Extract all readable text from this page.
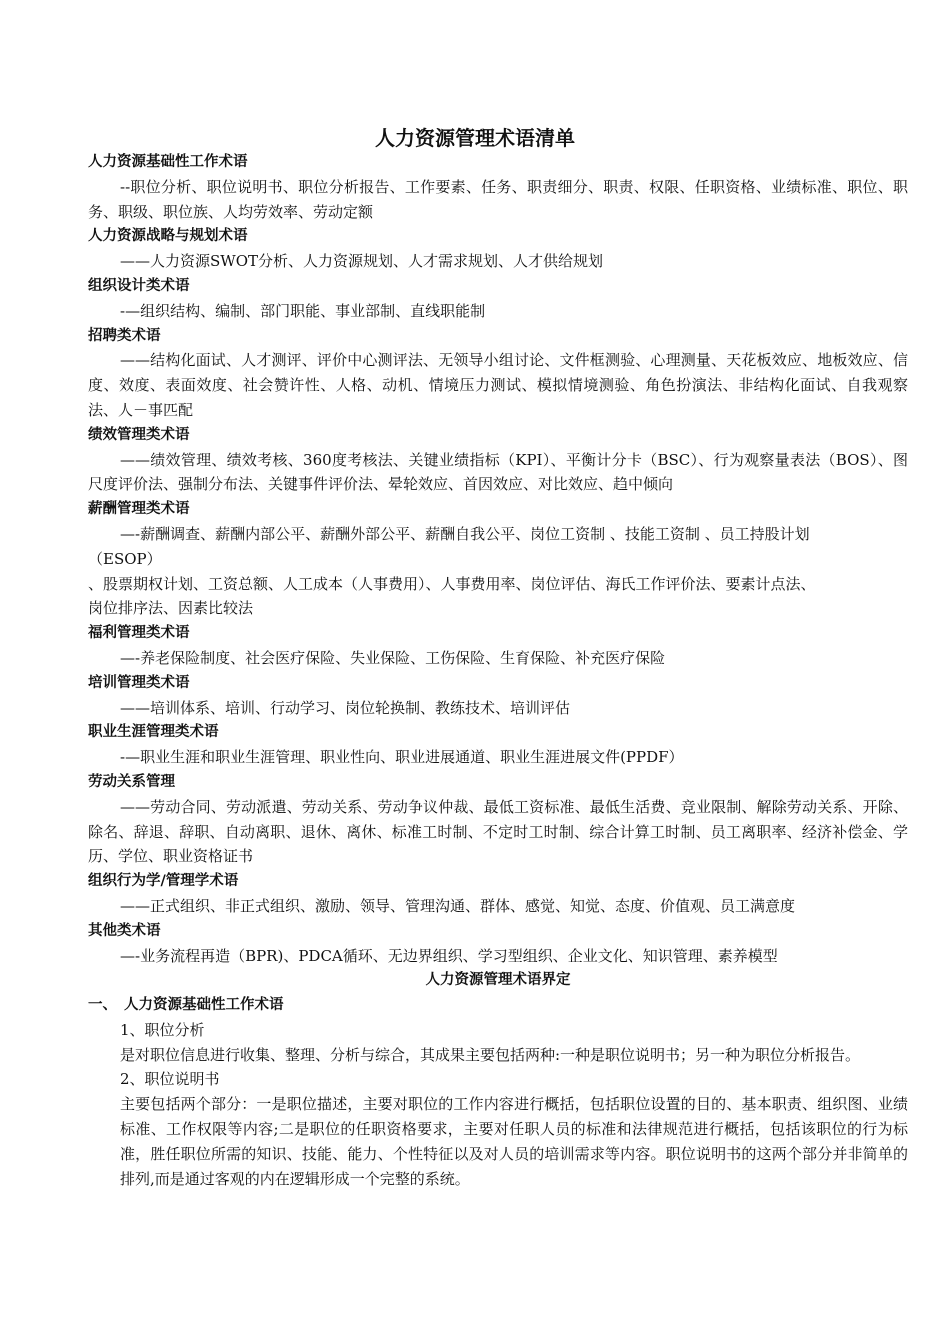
人力资源管理术语清单
人力资源基础性工作术语
--职位分析、职位说明书、职位分析报告、工作要素、任务、职责细分、职责、权限、任职资格、业绩标准、职位、职务、职级、职位族、人均劳效率、劳动定额
人力资源战略与规划术语
——人力资源SWOT分析、人力资源规划、人才需求规划、人才供给规划
组织设计类术语
-—组织结构、编制、部门职能、事业部制、直线职能制
招聘类术语
——结构化面试、人才测评、评价中心测评法、无领导小组讨论、文件框测验、心理测量、天花板效应、地板效应、信度、效度、表面效度、社会赞许性、人格、动机、情境压力测试、模拟情境测验、角色扮演法、非结构化面试、自我观察法、人－事匹配
绩效管理类术语
——绩效管理、绩效考核、360度考核法、关键业绩指标（KPI）、平衡计分卡（BSC）、行为观察量表法（BOS）、图尺度评价法、强制分布法、关键事件评价法、晕轮效应、首因效应、对比效应、趋中倾向
薪酬管理类术语
—-薪酬调查、薪酬内部公平、薪酬外部公平、薪酬自我公平、岗位工资制 、技能工资制 、员工持股计划
（ESOP）
、股票期权计划、工资总额、人工成本（人事费用）、人事费用率、岗位评估、海氏工作评价法、要素计点法、
岗位排序法、因素比较法
福利管理类术语
—-养老保险制度、社会医疗保险、失业保险、工伤保险、生育保险、补充医疗保险
培训管理类术语
——培训体系、培训、行动学习、岗位轮换制、教练技术、培训评估
职业生涯管理类术语
-—职业生涯和职业生涯管理、职业性向、职业进展通道、职业生涯进展文件(PPDF）
劳动关系管理
——劳动合同、劳动派遣、劳动关系、劳动争议仲裁、最低工资标准、最低生活费、竞业限制、解除劳动关系、开除、除名、辞退、辞职、自动离职、退休、离休、标准工时制、不定时工时制、综合计算工时制、员工离职率、经济补偿金、学历、学位、职业资格证书
组织行为学/管理学术语
——正式组织、非正式组织、激励、领导、管理沟通、群体、感觉、知觉、态度、价值观、员工满意度
其他类术语
—-业务流程再造（BPR)、PDCA循环、无边界组织、学习型组织、企业文化、知识管理、素养模型
人力资源管理术语界定
一、 人力资源基础性工作术语
1、职位分析
是对职位信息进行收集、整理、分析与综合，其成果主要包括两种:一种是职位说明书；另一种为职位分析报告。
2、职位说明书
主要包括两个部分：一是职位描述，主要对职位的工作内容进行概括，包括职位设置的目的、基本职责、组织图、业绩标准、工作权限等内容;二是职位的任职资格要求，主要对任职人员的标准和法律规范进行概括，包括该职位的行为标准，胜任职位所需的知识、技能、能力、个性特征以及对人员的培训需求等内容。职位说明书的这两个部分并非简单的排列,而是通过客观的内在逻辑形成一个完整的系统。
